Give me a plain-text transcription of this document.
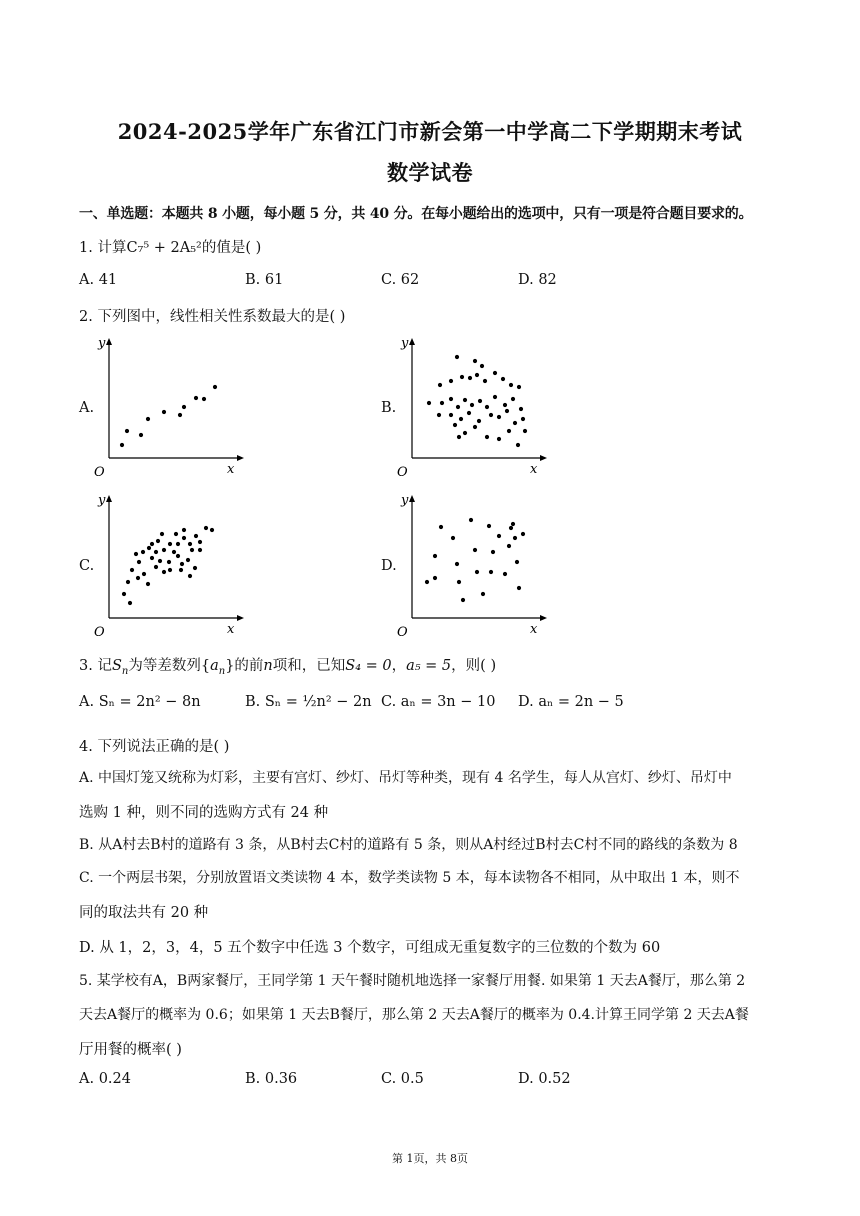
2024-2025学年广东省江门市新会第一中学高二下学期期末考试
数学试卷
一、单选题：本题共 8 小题，每小题 5 分，共 40 分。在每小题给出的选项中，只有一项是符合题目要求的。
1. 计算C₇⁵ + 2A₅²的值是( )
A. 41	B. 61	C. 62	D. 82
2. 下列图中，线性相关性系数最大的是( )
A.	B.
C.	D.
y
x
O
y
x
O
y
x
O
y
x
O
3. 记$S_n$为等差数列$\{a_n\}$的前n项和，已知S₄ = 0，a₅ = 5，则( )
A. Sₙ = 2n² − 8n	B. Sₙ = ½n² − 2n C. aₙ = 3n − 10 D. aₙ = 2n − 5
4. 下列说法正确的是( )
A. 中国灯笼又统称为灯彩，主要有宫灯、纱灯、吊灯等种类，现有 4 名学生，每人从宫灯、纱灯、吊灯中
选购 1 种，则不同的选购方式有 24 种
B. 从A村去B村的道路有 3 条，从B村去C村的道路有 5 条，则从A村经过B村去C村不同的路线的条数为 8
C. 一个两层书架，分别放置语文类读物 4 本，数学类读物 5 本，每本读物各不相同，从中取出 1 本，则不
同的取法共有 20 种
D. 从 1，2，3，4，5 五个数字中任选 3 个数字，可组成无重复数字的三位数的个数为 60
5. 某学校有A，B两家餐厅，王同学第 1 天午餐时随机地选择一家餐厅用餐. 如果第 1 天去A餐厅，那么第 2
天去A餐厅的概率为 0.6；如果第 1 天去B餐厅，那么第 2 天去A餐厅的概率为 0.4.计算王同学第 2 天去A餐
厅用餐的概率( )
A. 0.24	B. 0.36	C. 0.5	D. 0.52
第 1页，共 8页
